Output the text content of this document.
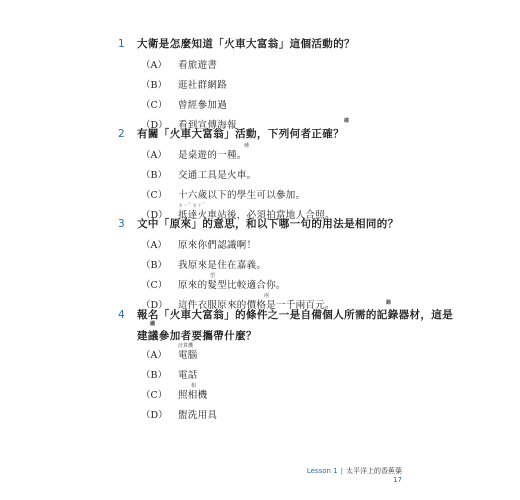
1 大衛是怎麼知道「火車大富翁」這個活動的？
（A） 看旅遊書
（B） 逛社群網路
（C） 曾經參加過
（D） 看到宣傳海報	確
2 有關「火車大富翁」活動，下列何者正確？
種
（A） 是桌遊的一種。
（B） 交通工具是火車。
（C） 十六歲以下的學生可以參加。
ㄉㄧˇ ㄉㄚˊ
（D） 抵達火車站後，必須拍當地人合照。
3 文中「原來」的意思，和以下哪一句的用法是相同的？
（A） 原來你們認識啊！
（B） 我原來是住在嘉義。
型
（C） 原來的髮型比較適合你。
兩
（D） 這件衣服原來的價格是一千兩百元。	錄
4 報名「火車大富翁」的條件之一是自備個人所需的記錄器材，這是
議
建議參加者要攜帶什麼？
計算機
（A） 電腦
（B） 電話
相
（C） 照相機
（D） 盥洗用具
Lesson 1 | 太平洋上的香蕉葉
17
